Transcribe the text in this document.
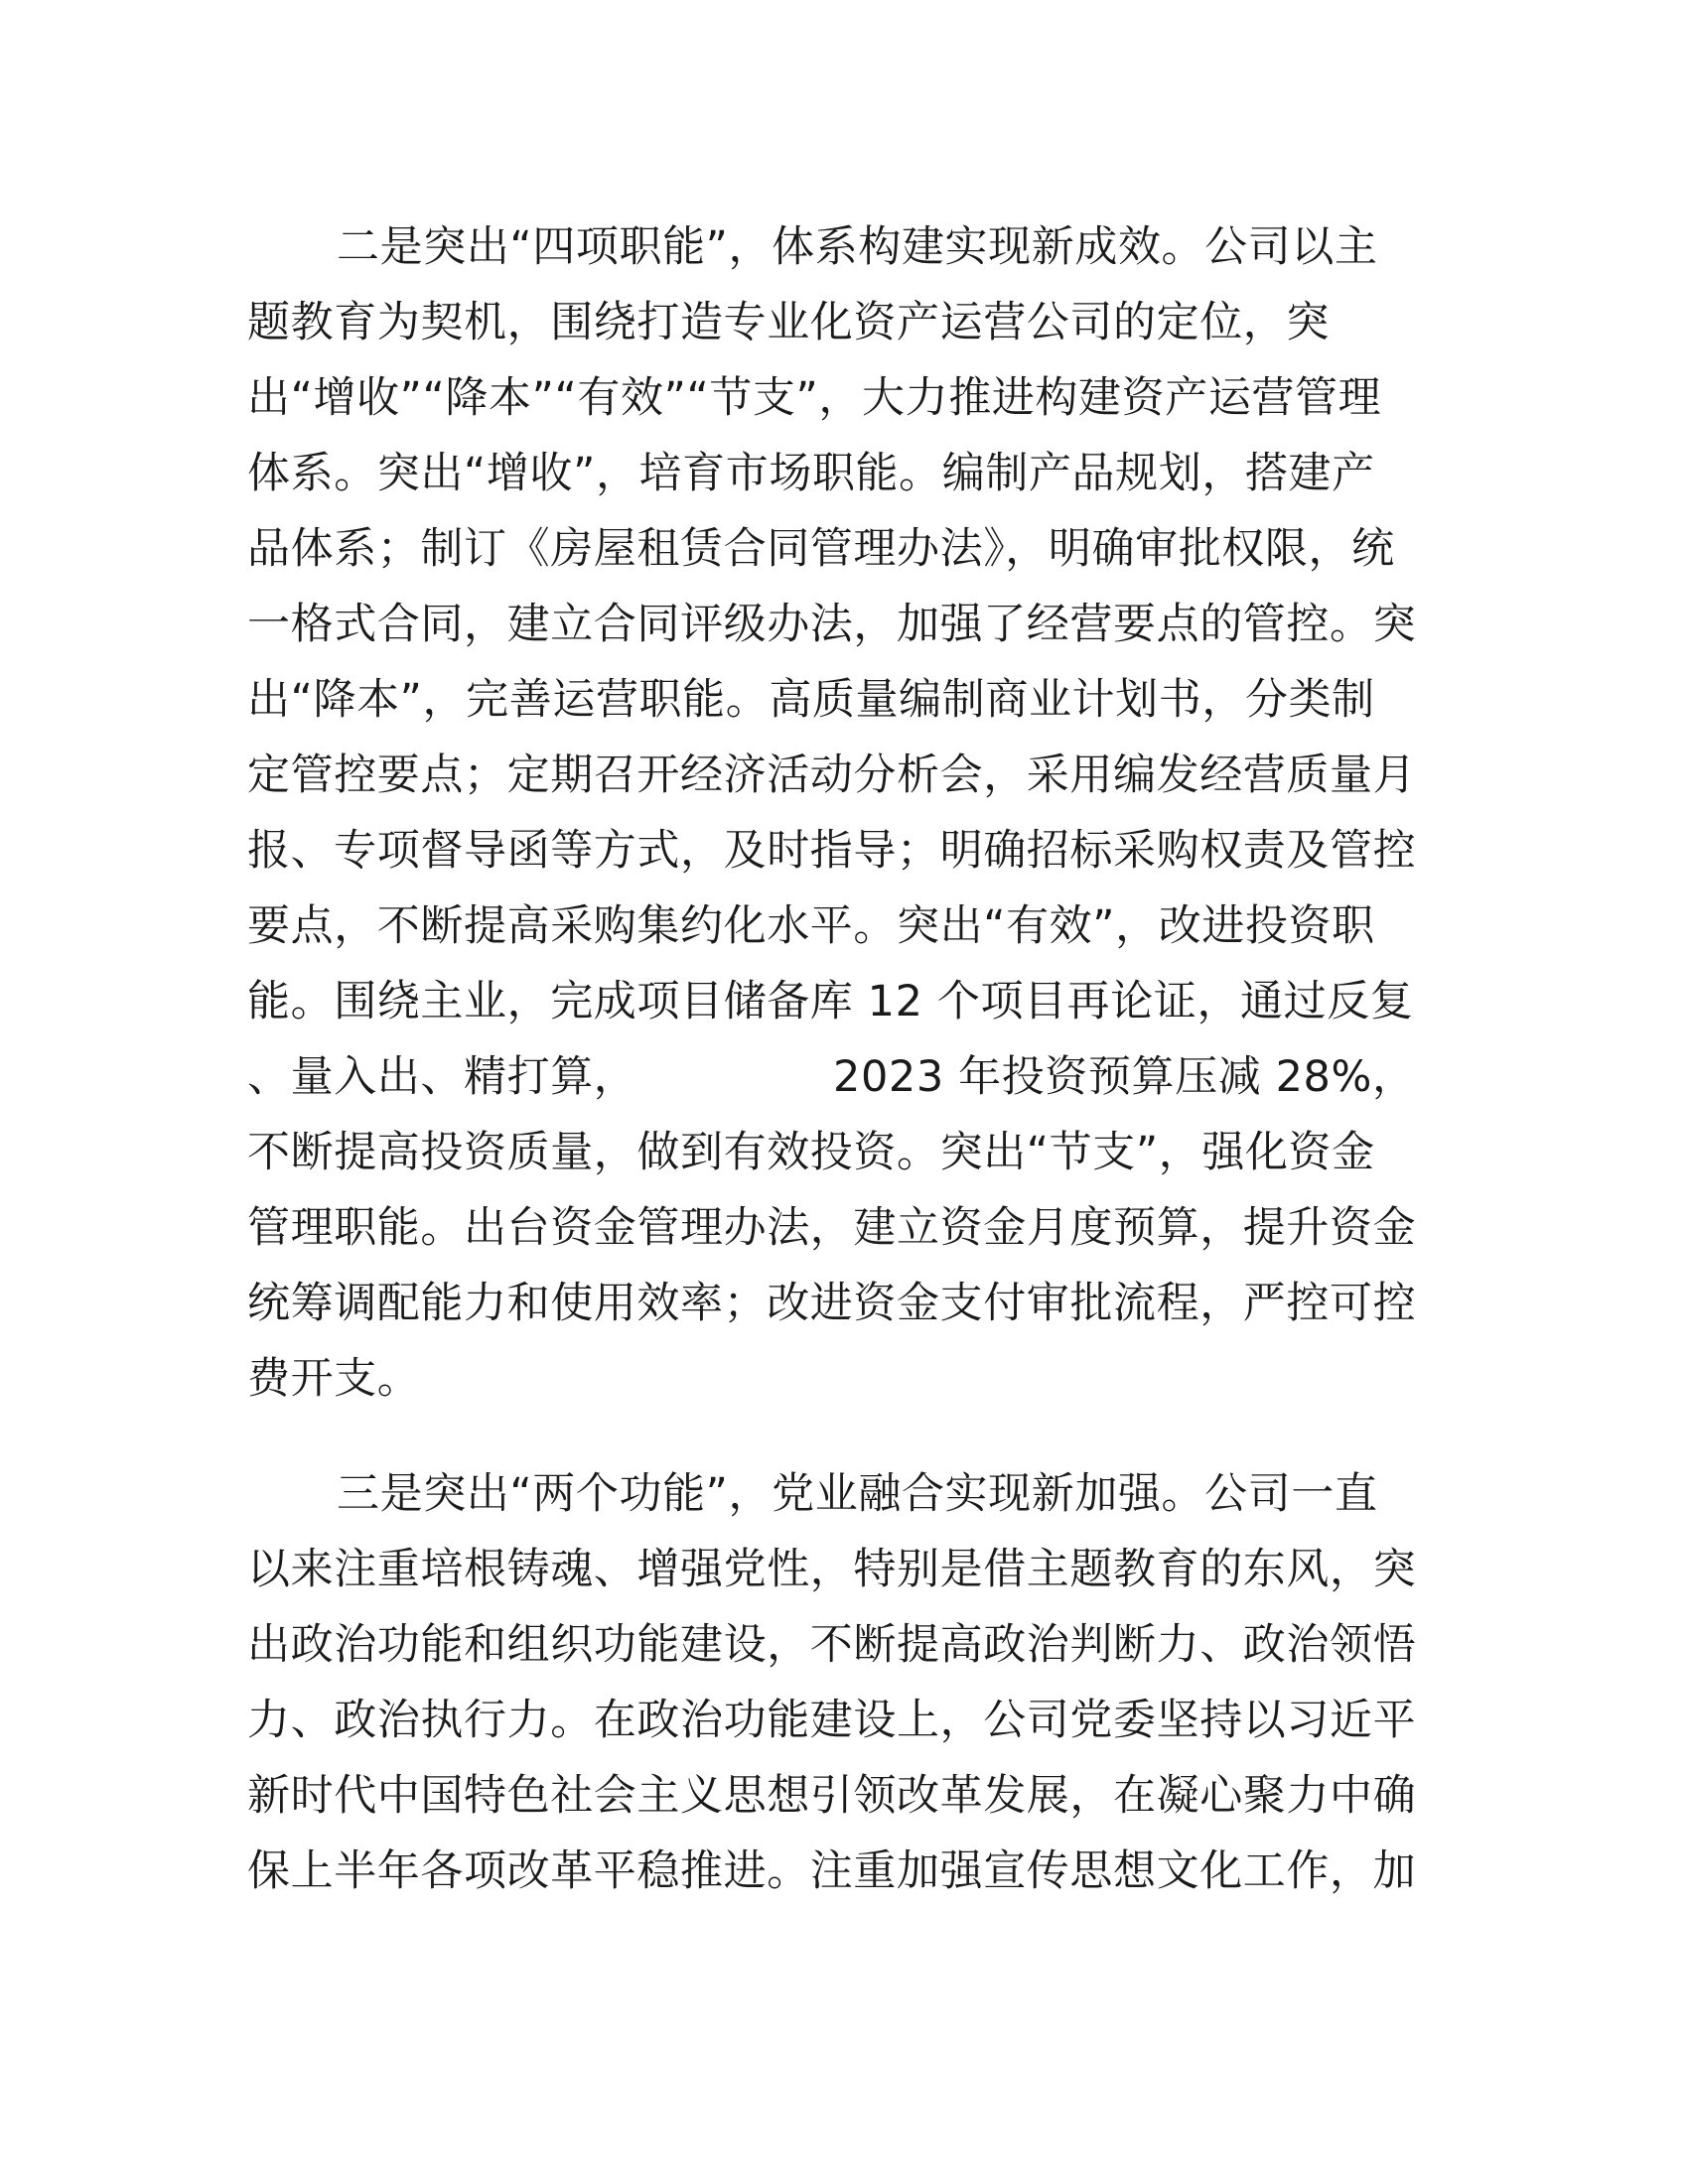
二是突出“四项职能”，体系构建实现新成效。公司以主
题教育为契机，围绕打造专业化资产运营公司的定位，突
出“增收”“降本”“有效”“节支”，大力推进构建资产运营管理
体系。突出“增收”，培育市场职能。编制产品规划，搭建产
品体系；制订《房屋租赁合同管理办法》，明确审批权限，统
一格式合同，建立合同评级办法，加强了经营要点的管控。突
出“降本”，完善运营职能。高质量编制商业计划书，分类制
定管控要点；定期召开经济活动分析会，采用编发经营质量月
报、专项督导函等方式，及时指导；明确招标采购权责及管控
要点，不断提高采购集约化水平。突出“有效”，改进投资职
能。围绕主业，完成项目储备库 12 个项目再论证，通过反复
、量入出、精打算，	2023 年投资预算压减 28%，
不断提高投资质量，做到有效投资。突出“节支”，强化资金
管理职能。出台资金管理办法，建立资金月度预算，提升资金
统筹调配能力和使用效率；改进资金支付审批流程，严控可控
费开支。
三是突出“两个功能”，党业融合实现新加强。公司一直
以来注重培根铸魂、增强党性，特别是借主题教育的东风，突
出政治功能和组织功能建设，不断提高政治判断力、政治领悟
力、政治执行力。在政治功能建设上，公司党委坚持以习近平
新时代中国特色社会主义思想引领改革发展，在凝心聚力中确
保上半年各项改革平稳推进。注重加强宣传思想文化工作，加
